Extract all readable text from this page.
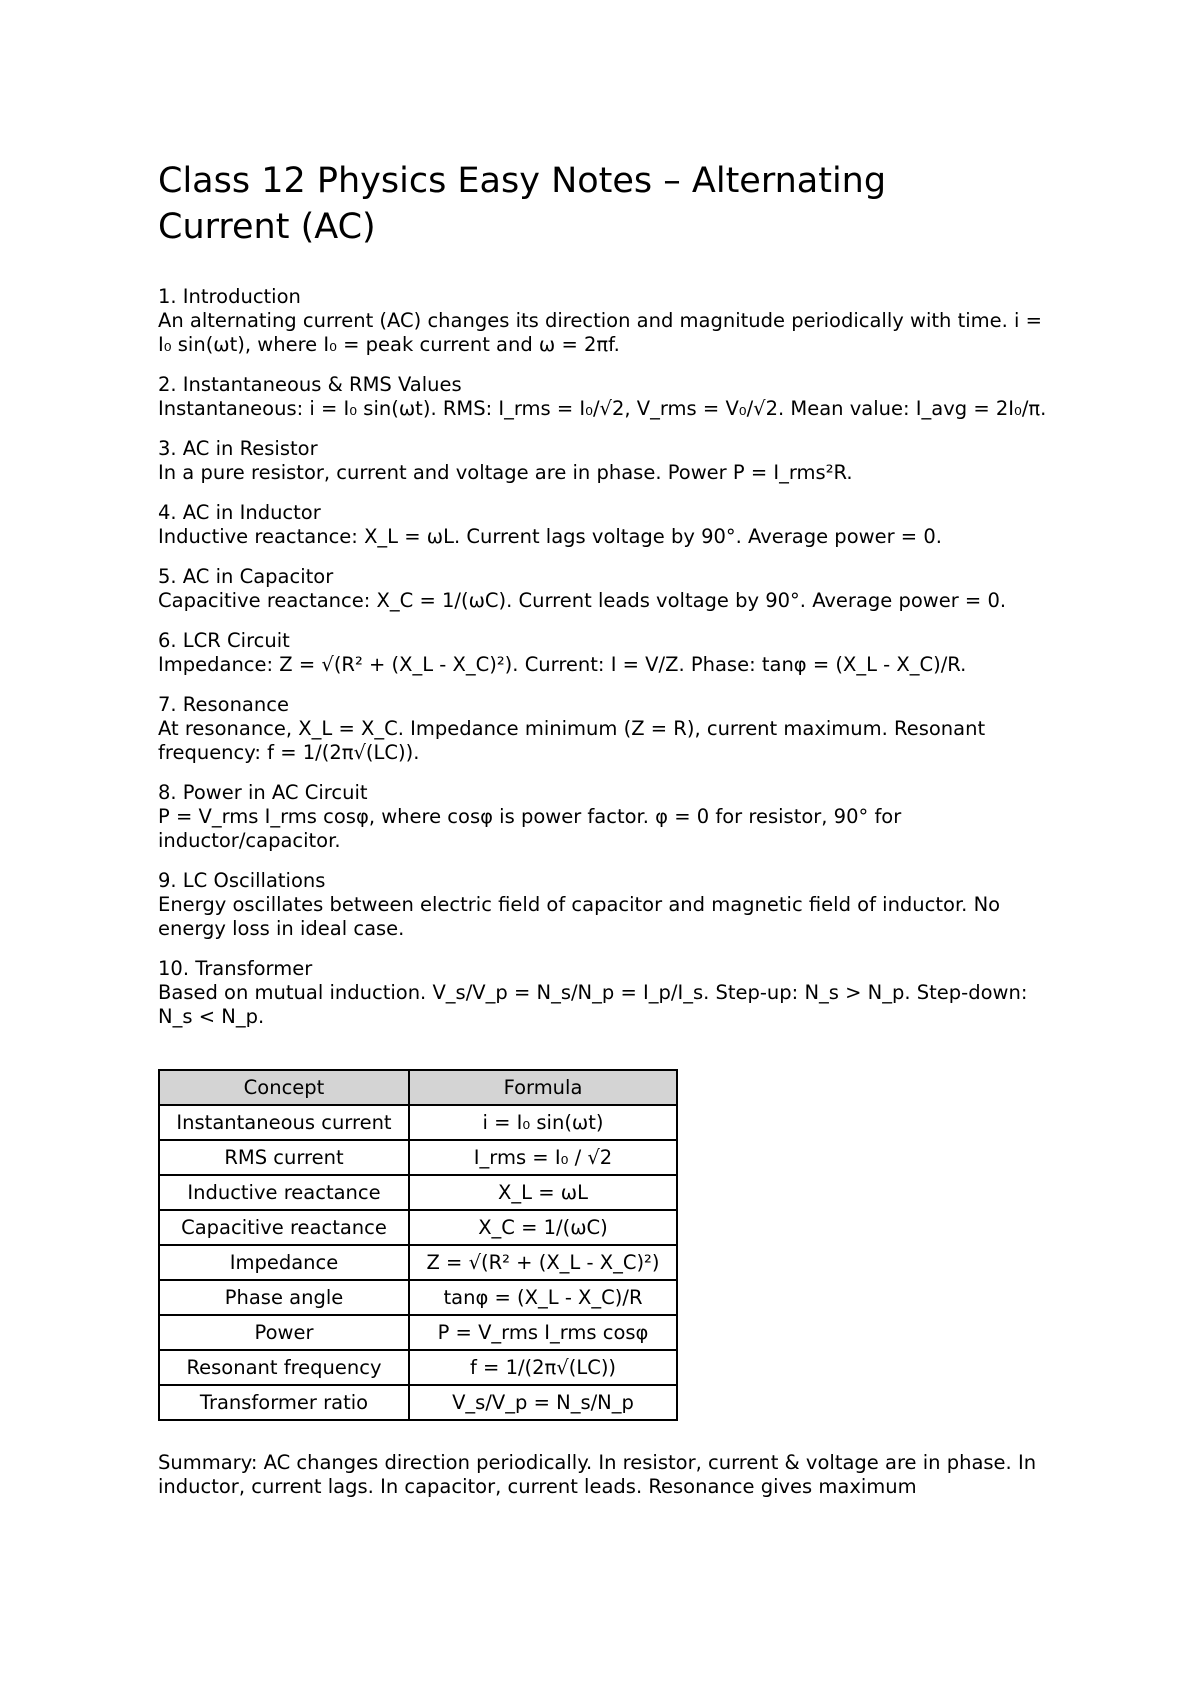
Class 12 Physics Easy Notes – Alternating Current (AC)
1. Introduction
An alternating current (AC) changes its direction and magnitude periodically with time. i = I₀ sin(ωt), where I₀ = peak current and ω = 2πf.
2. Instantaneous & RMS Values
Instantaneous: i = I₀ sin(ωt). RMS: I_rms = I₀/√2, V_rms = V₀/√2. Mean value: I_avg = 2I₀/π.
3. AC in Resistor
In a pure resistor, current and voltage are in phase. Power P = I_rms²R.
4. AC in Inductor
Inductive reactance: X_L = ωL. Current lags voltage by 90°. Average power = 0.
5. AC in Capacitor
Capacitive reactance: X_C = 1/(ωC). Current leads voltage by 90°. Average power = 0.
6. LCR Circuit
Impedance: Z = √(R² + (X_L - X_C)²). Current: I = V/Z. Phase: tanφ = (X_L - X_C)/R.
7. Resonance
At resonance, X_L = X_C. Impedance minimum (Z = R), current maximum. Resonant frequency: f = 1/(2π√(LC)).
8. Power in AC Circuit
P = V_rms I_rms cosφ, where cosφ is power factor. φ = 0 for resistor, 90° for inductor/capacitor.
9. LC Oscillations
Energy oscillates between electric field of capacitor and magnetic field of inductor. No energy loss in ideal case.
10. Transformer
Based on mutual induction. V_s/V_p = N_s/N_p = I_p/I_s. Step-up: N_s > N_p. Step-down: N_s < N_p.
Concept	Formula
Instantaneous current	i = I₀ sin(ωt)
RMS current	I_rms = I₀ / √2
Inductive reactance	X_L = ωL
Capacitive reactance	X_C = 1/(ωC)
Impedance	Z = √(R² + (X_L - X_C)²)
Phase angle	tanφ = (X_L - X_C)/R
Power	P = V_rms I_rms cosφ
Resonant frequency	f = 1/(2π√(LC))
Transformer ratio	V_s/V_p = N_s/N_p
Summary: AC changes direction periodically. In resistor, current & voltage are in phase. In inductor, current lags. In capacitor, current leads. Resonance gives maximum
